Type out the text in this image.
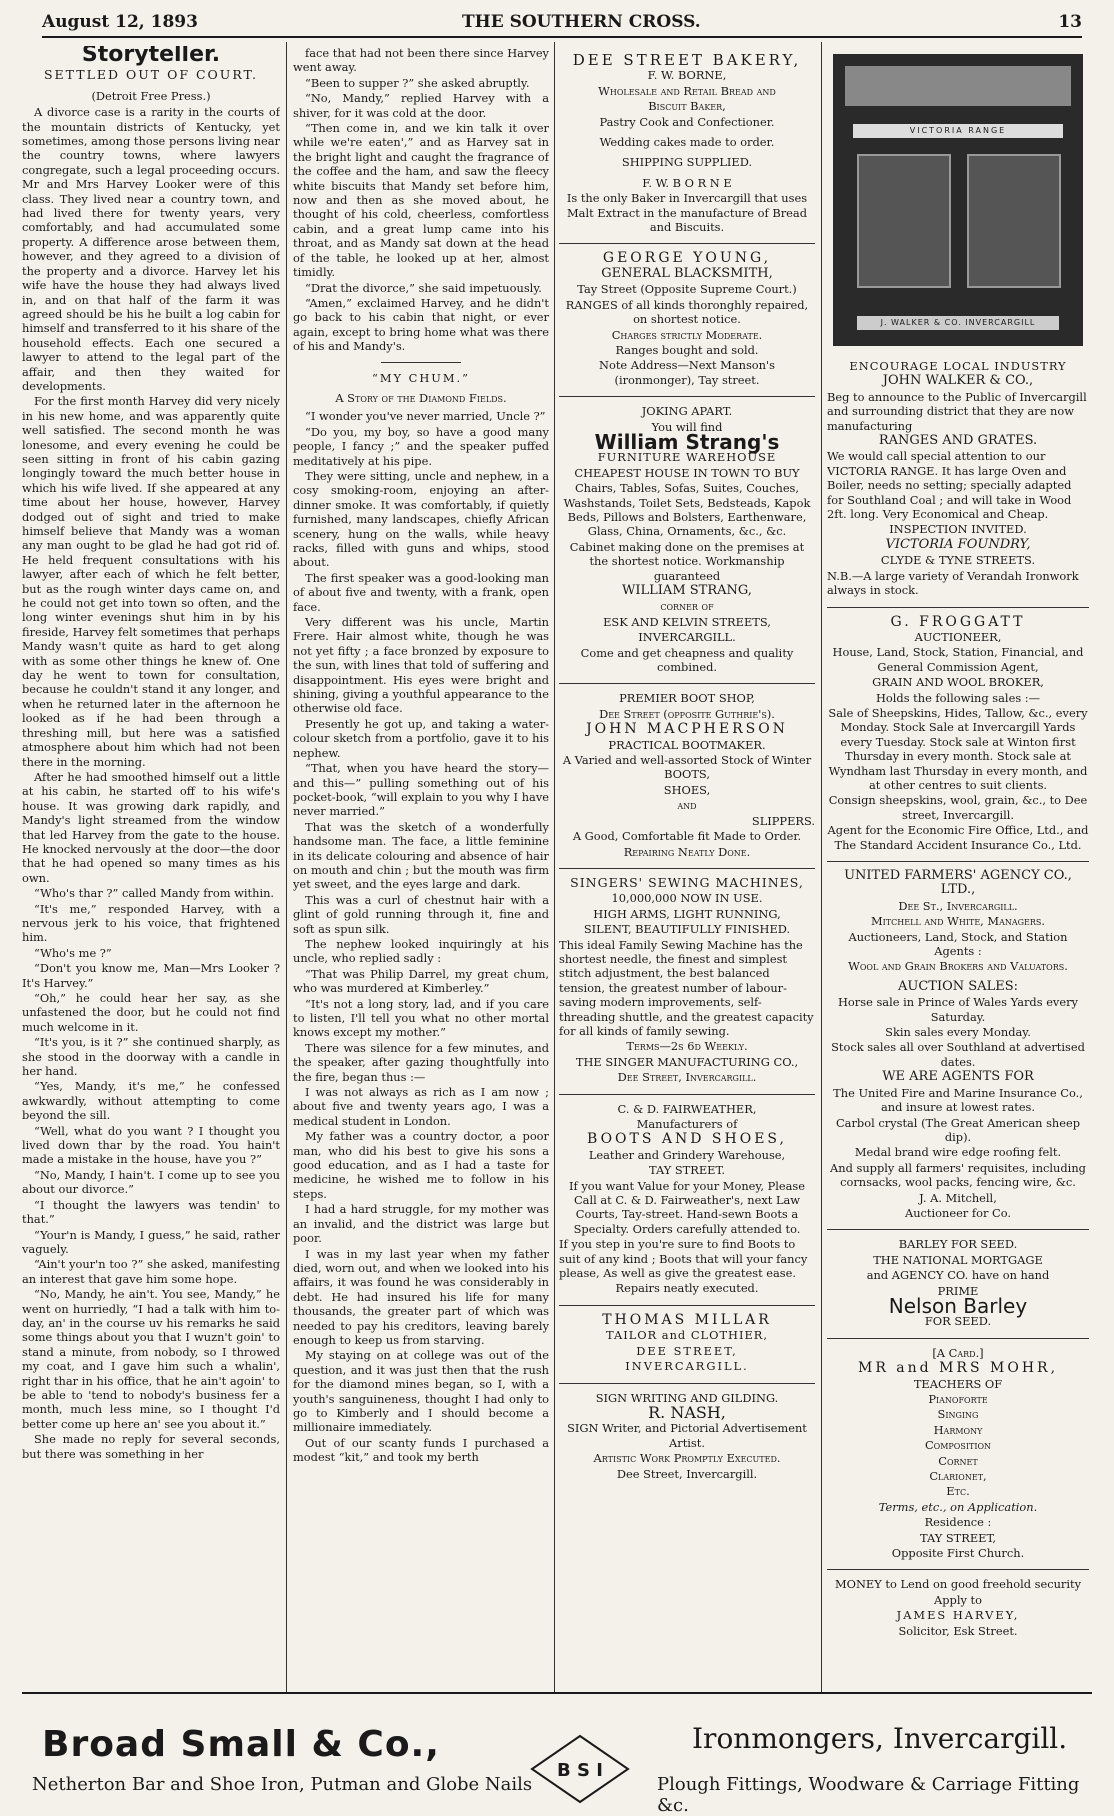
August 12, 1893	THE SOUTHERN CROSS.	13
Storyteller.
SETTLED OUT OF COURT.
(Detroit Free Press.)

A divorce case is a rarity in the courts of the mountain districts of Kentucky, yet sometimes, among those persons living near the country towns, where lawyers congregate, such a legal proceeding occurs. Mr and Mrs Harvey Looker were of this class. They lived near a country town, and had lived there for twenty years, very comfortably, and had accumulated some property. A difference arose between them, however, and they agreed to a division of the property and a divorce. Harvey let his wife have the house they had always lived in, and on that half of the farm it was agreed should be his he built a log cabin for himself and transferred to it his share of the household effects. Each one secured a lawyer to attend to the legal part of the affair, and then they waited for developments.

For the first month Harvey did very nicely in his new home, and was apparently quite well satisfied. The second month he was lonesome, and every evening he could be seen sitting in front of his cabin gazing longingly toward the much better house in which his wife lived. If she appeared at any time about her house, however, Harvey dodged out of sight and tried to make himself believe that Mandy was a woman any man ought to be glad he had got rid of. He held frequent consultations with his lawyer, after each of which he felt better, but as the rough winter days came on, and he could not get into town so often, and the long winter evenings shut him in by his fireside, Harvey felt sometimes that perhaps Mandy wasn't quite as hard to get along with as some other things he knew of. One day he went to town for consultation, because he couldn't stand it any longer, and when he returned later in the afternoon he looked as if he had been through a threshing mill, but here was a satisfied atmosphere about him which had not been there in the morning.

After he had smoothed himself out a little at his cabin, he started off to his wife's house. It was growing dark rapidly, and Mandy's light streamed from the window that led Harvey from the gate to the house. He knocked nervously at the door—the door that he had opened so many times as his own.

“Who's thar ?” called Mandy from within.

“It's me,” responded Harvey, with a nervous jerk to his voice, that frightened him.

“Who's me ?”

“Don't you know me, Man—Mrs Looker ? It's Harvey.”

“Oh,” he could hear her say, as she unfastened the door, but he could not find much welcome in it.

“It's you, is it ?” she continued sharply, as she stood in the doorway with a candle in her hand.

“Yes, Mandy, it's me,” he confessed awkwardly, without attempting to come beyond the sill.

“Well, what do you want ? I thought you lived down thar by the road. You hain't made a mistake in the house, have you ?”

“No, Mandy, I hain't. I come up to see you about our divorce.”

“I thought the lawyers was tendin' to that.”

“Your'n is Mandy, I guess,” he said, rather vaguely.

“Ain't your'n too ?” she asked, manifesting an interest that gave him some hope.

“No, Mandy, he ain't. You see, Mandy,” he went on hurriedly, “I had a talk with him to-day, an' in the course uv his remarks he said some things about you that I wuzn't goin' to stand a minute, from nobody, so I throwed my coat, and I gave him such a whalin', right thar in his office, that he ain't agoin' to be able to 'tend to nobody's business fer a month, much less mine, so I thought I'd better come up here an' see you about it.”

She made no reply for several seconds, but there was something in her

face that had not been there since Harvey went away.

“Been to supper ?” she asked abruptly.

“No, Mandy,” replied Harvey with a shiver, for it was cold at the door.

“Then come in, and we kin talk it over while we're eaten',” and as Harvey sat in the bright light and caught the fragrance of the coffee and the ham, and saw the fleecy white biscuits that Mandy set before him, now and then as she moved about, he thought of his cold, cheerless, comfortless cabin, and a great lump came into his throat, and as Mandy sat down at the head of the table, he looked up at her, almost timidly.

“Drat the divorce,” she said impetuously.

“Amen,” exclaimed Harvey, and he didn't go back to his cabin that night, or ever again, except to bring home what was there of his and Mandy's.

“MY CHUM.”
A Story of the Diamond Fields.

“I wonder you've never married, Uncle ?”

“Do you, my boy, so have a good many people, I fancy ;” and the speaker puffed meditatively at his pipe.

They were sitting, uncle and nephew, in a cosy smoking-room, enjoying an after-dinner smoke. It was comfortably, if quietly furnished, many landscapes, chiefly African scenery, hung on the walls, while heavy racks, filled with guns and whips, stood about.

The first speaker was a good-looking man of about five and twenty, with a frank, open face.

Very different was his uncle, Martin Frere. Hair almost white, though he was not yet fifty ; a face bronzed by exposure to the sun, with lines that told of suffering and disappointment. His eyes were bright and shining, giving a youthful appearance to the otherwise old face.

Presently he got up, and taking a water-colour sketch from a portfolio, gave it to his nephew.

“That, when you have heard the story—and this—” pulling something out of his pocket-book, “will explain to you why I have never married.”

That was the sketch of a wonderfully handsome man. The face, a little feminine in its delicate colouring and absence of hair on mouth and chin ; but the mouth was firm yet sweet, and the eyes large and dark.

This was a curl of chestnut hair with a glint of gold running through it, fine and soft as spun silk.

The nephew looked inquiringly at his uncle, who replied sadly :

“That was Philip Darrel, my great chum, who was murdered at Kimberley.”

“It's not a long story, lad, and if you care to listen, I'll tell you what no other mortal knows except my mother.”

There was silence for a few minutes, and the speaker, after gazing thoughtfully into the fire, began thus :—

I was not always as rich as I am now ; about five and twenty years ago, I was a medical student in London.

My father was a country doctor, a poor man, who did his best to give his sons a good education, and as I had a taste for medicine, he wished me to follow in his steps.

I had a hard struggle, for my mother was an invalid, and the district was large but poor.

I was in my last year when my father died, worn out, and when we looked into his affairs, it was found he was considerably in debt. He had insured his life for many thousands, the greater part of which was needed to pay his creditors, leaving barely enough to keep us from starving.

My staying on at college was out of the question, and it was just then that the rush for the diamond mines began, so I, with a youth's sanguineness, thought I had only to go to Kimberly and I should become a millionaire immediately.

Out of our scanty funds I purchased a modest “kit,” and took my berth

DEE STREET BAKERY,
F. W. BORNE,
Wholesale and Retail Bread and
Biscuit Baker,
Pastry Cook and Confectioner.
Wedding cakes made to order.
SHIPPING SUPPLIED.
F. W. B O R N E
Is the only Baker in Invercargill that uses Malt Extract in the manufacture of Bread and Biscuits.
GEORGE YOUNG,
GENERAL BLACKSMITH,
Tay Street (Opposite Supreme Court.)
RANGES of all kinds thoronghly repaired, on shortest notice.
Charges strictly Moderate.
Ranges bought and sold.
Note Address—Next Manson's (ironmonger), Tay street.
JOKING APART.
You will find
William Strang's
FURNITURE WAREHOUSE
CHEAPEST HOUSE IN TOWN TO BUY
Chairs, Tables, Sofas, Suites, Couches, Washstands, Toilet Sets, Bedsteads, Kapok Beds, Pillows and Bolsters, Earthenware, Glass, China, Ornaments, &c., &c.
Cabinet making done on the premises at the shortest notice. Workmanship guaranteed
WILLIAM STRANG,
corner of
ESK AND KELVIN STREETS,
INVERCARGILL.
Come and get cheapness and quality combined.
PREMIER BOOT SHOP,
Dee Street (opposite Guthrie's).
JOHN MACPHERSON
PRACTICAL BOOTMAKER.
A Varied and well-assorted Stock of Winter BOOTS,
SHOES,
and
SLIPPERS.
A Good, Comfortable fit Made to Order.
Repairing Neatly Done.
SINGERS' SEWING MACHINES,
10,000,000 NOW IN USE.
HIGH ARMS, LIGHT RUNNING,
SILENT, BEAUTIFULLY FINISHED.
This ideal Family Sewing Machine has the shortest needle, the finest and simplest stitch adjustment, the best balanced tension, the greatest number of labour-saving modern improvements, self-threading shuttle, and the greatest capacity for all kinds of family sewing.
Terms—2s 6d Weekly.
THE SINGER MANUFACTURING CO.,
Dee Street, Invercargill.
C. & D. FAIRWEATHER,
Manufacturers of
BOOTS AND SHOES,
Leather and Grindery Warehouse,
TAY STREET.
If you want Value for your Money, Please Call at C. & D. Fairweather's, next Law Courts, Tay-street. Hand-sewn Boots a Specialty. Orders carefully attended to.
If you step in you're sure to find Boots to suit of any kind ; Boots that will your fancy please, As well as give the greatest ease.
Repairs neatly executed.
THOMAS MILLAR
TAILOR and CLOTHIER,
DEE STREET,
INVERCARGILL.
SIGN WRITING AND GILDING.
R. NASH,
SIGN Writer, and Pictorial Advertisement Artist.
Artistic Work Promptly Executed.
Dee Street, Invercargill.
VICTORIA RANGE
J. WALKER & CO. INVERCARGILL
ENCOURAGE LOCAL INDUSTRY
JOHN WALKER & CO.,
Beg to announce to the Public of Invercargill and surrounding district that they are now manufacturing
RANGES AND GRATES.
We would call special attention to our VICTORIA RANGE. It has large Oven and Boiler, needs no setting; specially adapted for Southland Coal ; and will take in Wood 2ft. long. Very Economical and Cheap.
INSPECTION INVITED.
VICTORIA FOUNDRY,
CLYDE & TYNE STREETS.
N.B.—A large variety of Verandah Ironwork always in stock.
G. FROGGATT
AUCTIONEER,
House, Land, Stock, Station, Financial, and General Commission Agent,
GRAIN AND WOOL BROKER,
Holds the following sales :—
Sale of Sheepskins, Hides, Tallow, &c., every Monday. Stock Sale at Invercargill Yards every Tuesday. Stock sale at Winton first Thursday in every month. Stock sale at Wyndham last Thursday in every month, and at other centres to suit clients.
Consign sheepskins, wool, grain, &c., to Dee street, Invercargill.
Agent for the Economic Fire Office, Ltd., and The Standard Accident Insurance Co., Ltd.
UNITED FARMERS' AGENCY CO., LTD.,
Dee St., Invercargill.
Mitchell and White, Managers.
Auctioneers, Land, Stock, and Station Agents :
Wool and Grain Brokers and Valuators.
AUCTION SALES:
Horse sale in Prince of Wales Yards every Saturday.
Skin sales every Monday.
Stock sales all over Southland at advertised dates.
WE ARE AGENTS FOR
The United Fire and Marine Insurance Co., and insure at lowest rates.
Carbol crystal (The Great American sheep dip).
Medal brand wire edge roofing felt.
And supply all farmers' requisites, including cornsacks, wool packs, fencing wire, &c.
J. A. Mitchell,
Auctioneer for Co.
BARLEY FOR SEED.
THE NATIONAL MORTGAGE
and AGENCY CO. have on hand
PRIME
Nelson Barley
FOR SEED.
[A Card.]
MR and MRS MOHR,
TEACHERS OF
Pianoforte
Singing
Harmony
Composition
Cornet
Clarionet,
Etc.
Terms, etc., on Application.
Residence :
TAY STREET,
Opposite First Church.
MONEY to Lend on good freehold security
Apply to
JAMES HARVEY,
Solicitor, Esk Street.
Broad Small & Co.,
Netherton Bar and Shoe Iron, Putman and Globe Nails
B S I
Ironmongers, Invercargill.
Plough Fittings, Woodware & Carriage Fitting &c.
